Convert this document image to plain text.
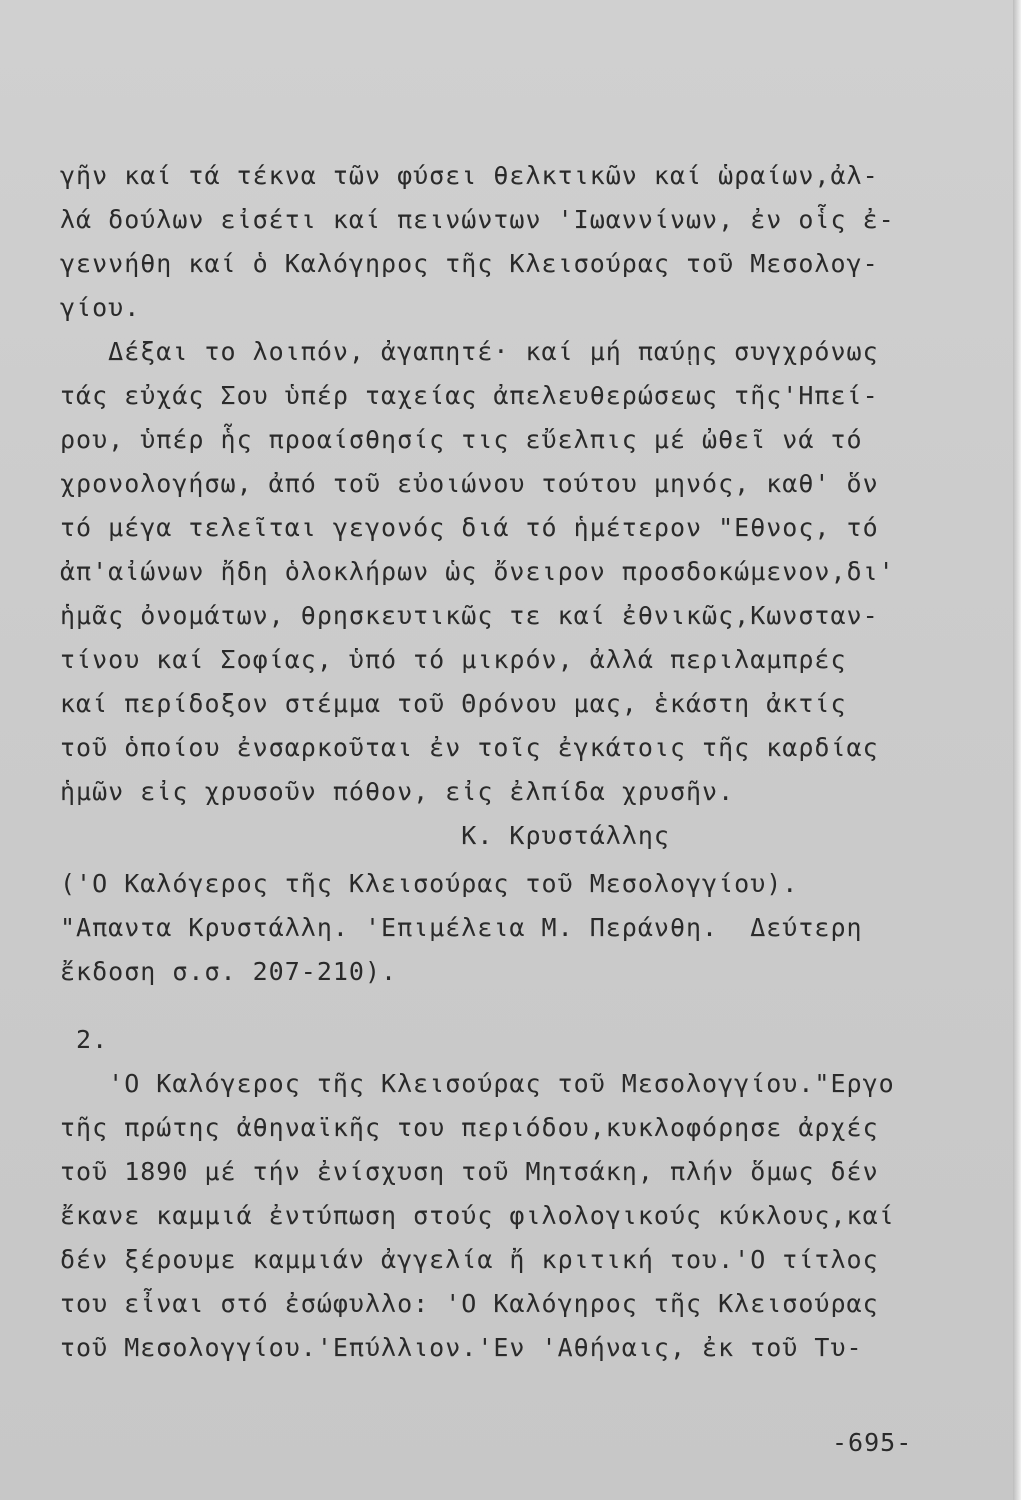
γῆν καί τά τέκνα τῶν φύσει θελκτικῶν καί ὡραίων,ἀλ-
λά δούλων εἰσέτι καί πεινώντων 'Ιωαννίνων, ἐν οἷς ἐ-
γεννήθη καί ὁ Καλόγηρος τῆς Κλεισούρας τοῦ Μεσολογ-
γίου.
Δέξαι το λοιπόν, ἀγαπητέ· καί μή παύῃς συγχρόνως
τάς εὐχάς Σου ὑπέρ ταχείας ἀπελευθερώσεως τῆς'Ηπεί-
ρου, ὑπέρ ἧς προαίσθησίς τις εὔελπις μέ ὠθεῖ νά τό
χρονολογήσω, ἀπό τοῦ εὐοιώνου τούτου μηνός, καθ' ὅν
τό μέγα τελεῖται γεγονός διά τό ἡμέτερον "Εθνος, τό
ἀπ'αἰώνων ἤδη ὁλοκλήρων ὡς ὄνειρον προσδοκώμενον,δι'
ἡμᾶς ὀνομάτων, θρησκευτικῶς τε καί ἐθνικῶς,Κωνσταν-
τίνου καί Σοφίας, ὑπό τό μικρόν, ἀλλά περιλαμπρές
καί περίδοξον στέμμα τοῦ Θρόνου μας, ἑκάστη ἀκτίς
τοῦ ὁποίου ἐνσαρκοῦται ἐν τοῖς ἐγκάτοις τῆς καρδίας
ἡμῶν εἰς χρυσοῦν πόθον, εἰς ἐλπίδα χρυσῆν.
Κ. Κρυστάλλης
('Ο Καλόγερος τῆς Κλεισούρας τοῦ Μεσολογγίου).
"Απαντα Κρυστάλλη. 'Επιμέλεια Μ. Περάνθη.  Δεύτερη
ἔκδοση σ.σ. 207-210).
2.
'Ο Καλόγερος τῆς Κλεισούρας τοῦ Μεσολογγίου."Εργο
τῆς πρώτης ἀθηναϊκῆς του περιόδου,κυκλοφόρησε ἀρχές
τοῦ 1890 μέ τήν ἐνίσχυση τοῦ Μητσάκη, πλήν ὅμως δέν
ἔκανε καμμιά ἐντύπωση στούς φιλολογικούς κύκλους,καί
δέν ξέρουμε καμμιάν ἀγγελία ἤ κριτική του.'Ο τίτλος
του εἶναι στό ἐσώφυλλο: 'Ο Καλόγηρος τῆς Κλεισούρας
τοῦ Μεσολογγίου.'Επύλλιον.'Εν 'Αθήναις, ἐκ τοῦ Τυ-
-695-
